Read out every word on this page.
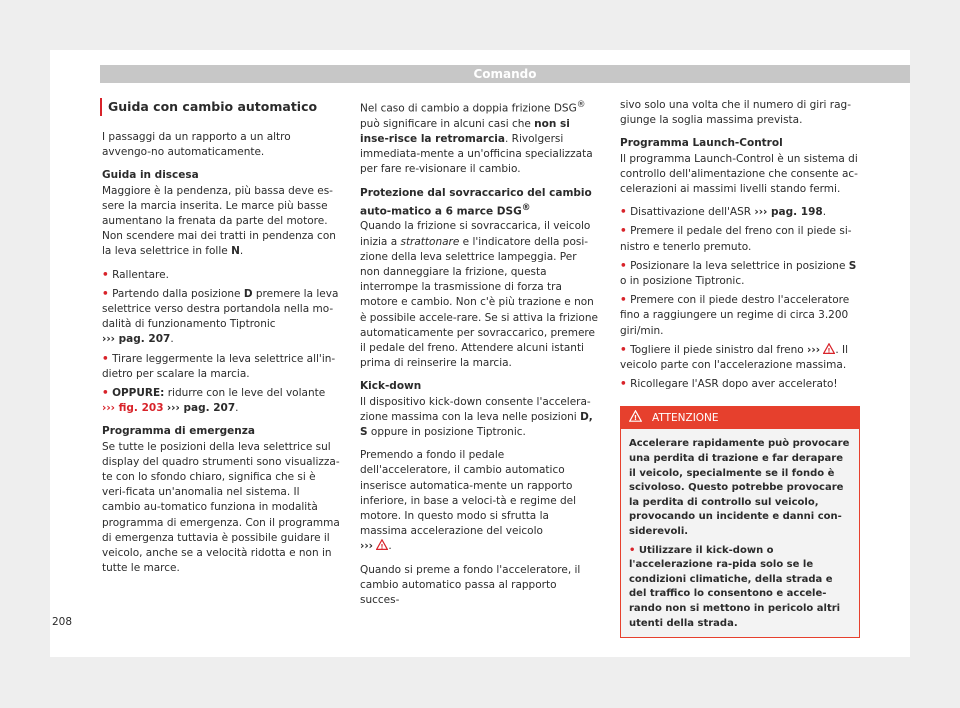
Comando
Guida con cambio automatico

I passaggi da un rapporto a un altro avvengo-no automaticamente.

Guida in discesa

Maggiore è la pendenza, più bassa deve es-sere la marcia inserita. Le marce più basse aumentano la frenata da parte del motore. Non scendere mai dei tratti in pendenza con la leva selettrice in folle N.

• Rallentare.

• Partendo dalla posizione D premere la leva selettrice verso destra portandola nella mo-dalità di funzionamento Tiptronic
››› pag. 207.

• Tirare leggermente la leva selettrice all'in-dietro per scalare la marcia.

• OPPURE: ridurre con le leve del volante
››› fig. 203 ››› pag. 207.

Programma di emergenza

Se tutte le posizioni della leva selettrice sul display del quadro strumenti sono visualizza-te con lo sfondo chiaro, significa che si è veri-ficata un'anomalia nel sistema. Il cambio au-tomatico funziona in modalità programma di emergenza. Con il programma di emergenza tuttavia è possibile guidare il veicolo, anche se a velocità ridotta e non in tutte le marce.

Nel caso di cambio a doppia frizione DSG® può significare in alcuni casi che non si inse-risce la retromarcia. Rivolgersi immediata-mente a un'officina specializzata per fare re-visionare il cambio.

Protezione dal sovraccarico del cambio auto-matico a 6 marce DSG®

Quando la frizione si sovraccarica, il veicolo inizia a strattonare e l'indicatore della posi-zione della leva selettrice lampeggia. Per non danneggiare la frizione, questa interrompe la trasmissione di forza tra motore e cambio. Non c'è più trazione e non è possibile accele-rare. Se si attiva la frizione automaticamente per sovraccarico, premere il pedale del freno. Attendere alcuni istanti prima di reinserire la marcia.

Kick-down

Il dispositivo kick-down consente l'accelera-zione massima con la leva nelle posizioni D,
S oppure in posizione Tiptronic.

Premendo a fondo il pedale dell'acceleratore, il cambio automatico inserisce automatica-mente un rapporto inferiore, in base a veloci-tà e regime del motore. In questo modo si sfrutta la massima accelerazione del veicolo
››› ! .

Quando si preme a fondo l'acceleratore, il cambio automatico passa al rapporto succes-

sivo solo una volta che il numero di giri rag-giunge la soglia massima prevista.

Programma Launch-Control

Il programma Launch-Control è un sistema di controllo dell'alimentazione che consente ac-celerazioni ai massimi livelli stando fermi.

• Disattivazione dell'ASR ››› pag. 198.

• Premere il pedale del freno con il piede si-nistro e tenerlo premuto.

• Posizionare la leva selettrice in posizione S o in posizione Tiptronic.

• Premere con il piede destro l'acceleratore fino a raggiungere un regime di circa 3.200 giri/min.

• Togliere il piede sinistro dal freno ››› ! . Il veicolo parte con l'accelerazione massima.

• Ricollegare l'ASR dopo aver accelerato!

! ATTENZIONE

Accelerare rapidamente può provocare una perdita di trazione e far derapare il veicolo, specialmente se il fondo è scivoloso. Questo potrebbe provocare la perdita di controllo sul veicolo, provocando un incidente e danni con-siderevoli.

• Utilizzare il kick-down o l'accelerazione ra-pida solo se le condizioni climatiche, della strada e del traffico lo consentono e accele-rando non si mettono in pericolo altri utenti della strada.

208
